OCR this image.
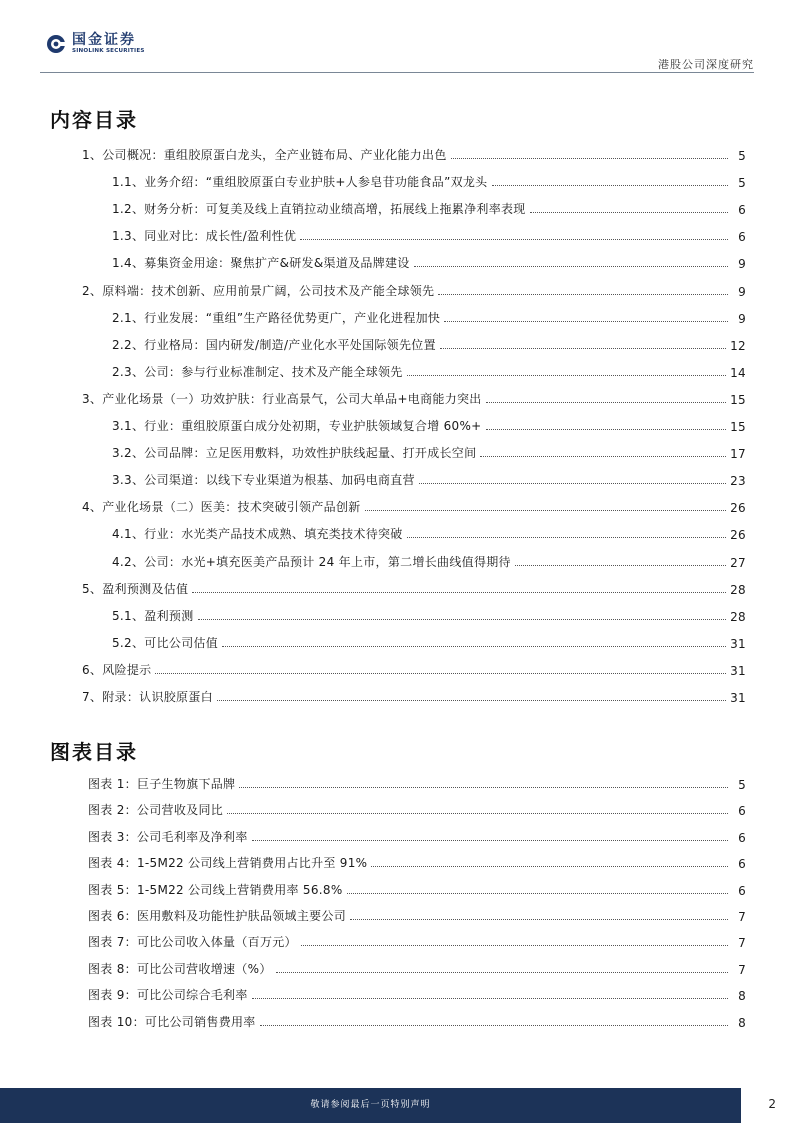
国金证券
SINOLINK SECURITIES
港股公司深度研究
内容目录
1、 公司概况：重组胶原蛋白龙头，全产业链布局、产业化能力出色	5
1.1、 业务介绍：“重组胶原蛋白专业护肤+人参皂苷功能食品”双龙头	5
1.2、 财务分析：可复美及线上直销拉动业绩高增，拓展线上拖累净利率表现	6
1.3、 同业对比：成长性/盈利性优	6
1.4、 募集资金用途：聚焦扩产&研发&渠道及品牌建设	9
2、 原料端：技术创新、应用前景广阔，公司技术及产能全球领先	9
2.1、 行业发展：“重组”生产路径优势更广，产业化进程加快	9
2.2、 行业格局：国内研发/制造/产业化水平处国际领先位置	12
2.3、 公司：参与行业标准制定、技术及产能全球领先	14
3、 产业化场景（一）功效护肤：行业高景气，公司大单品+电商能力突出	15
3.1、 行业：重组胶原蛋白成分处初期，专业护肤领域复合增 60%+	15
3.2、 公司品牌：立足医用敷料，功效性护肤线起量、打开成长空间	17
3.3、 公司渠道：以线下专业渠道为根基、加码电商直营	23
4、 产业化场景（二）医美：技术突破引领产品创新	26
4.1、 行业：水光类产品技术成熟、填充类技术待突破	26
4.2、 公司：水光+填充医美产品预计 24 年上市，第二增长曲线值得期待	27
5、 盈利预测及估值	28
5.1、 盈利预测	28
5.2、 可比公司估值	31
6、 风险提示	31
7、 附录：认识胶原蛋白	31
图表目录
图表 1： 巨子生物旗下品牌	5
图表 2： 公司营收及同比	6
图表 3： 公司毛利率及净利率	6
图表 4： 1-5M22 公司线上营销费用占比升至 91%	6
图表 5： 1-5M22 公司线上营销费用率 56.8%	6
图表 6： 医用敷料及功能性护肤品领域主要公司	7
图表 7： 可比公司收入体量（百万元）	7
图表 8： 可比公司营收增速（%）	7
图表 9： 可比公司综合毛利率	8
图表 10： 可比公司销售费用率	8
敬请参阅最后一页特别声明	2
